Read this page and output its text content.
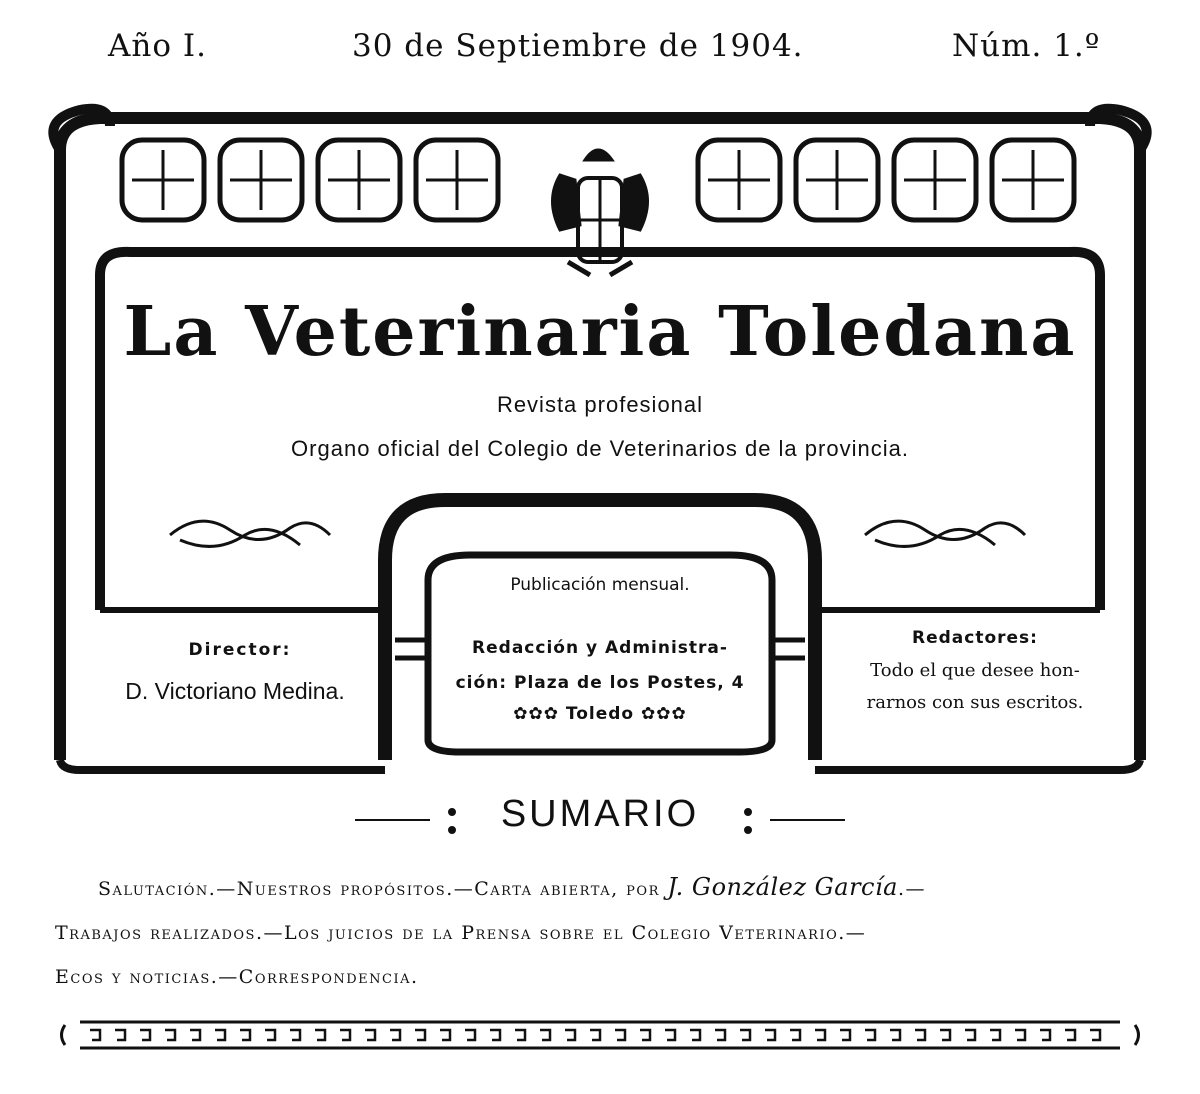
Año I.	30 de Septiembre de 1904.	Núm. 1.º
La Veterinaria Toledana
Revista profesional
Organo oficial del Colegio de Veterinarios de la provincia.
Director:
D. Victoriano Medina.
Publicación mensual.
Redacción y Administra-
ción: Plaza de los Postes, 4
✿✿✿ Toledo ✿✿✿
Redactores:
Todo el que desee hon-
rarnos con sus escritos.
SUMARIO
Salutación.—Nuestros propósitos.—Carta abierta, por J. González García.—
Trabajos realizados.—Los juicios de la Prensa sobre el Colegio Veterinario.—
Ecos y noticias.—Correspondencia.
